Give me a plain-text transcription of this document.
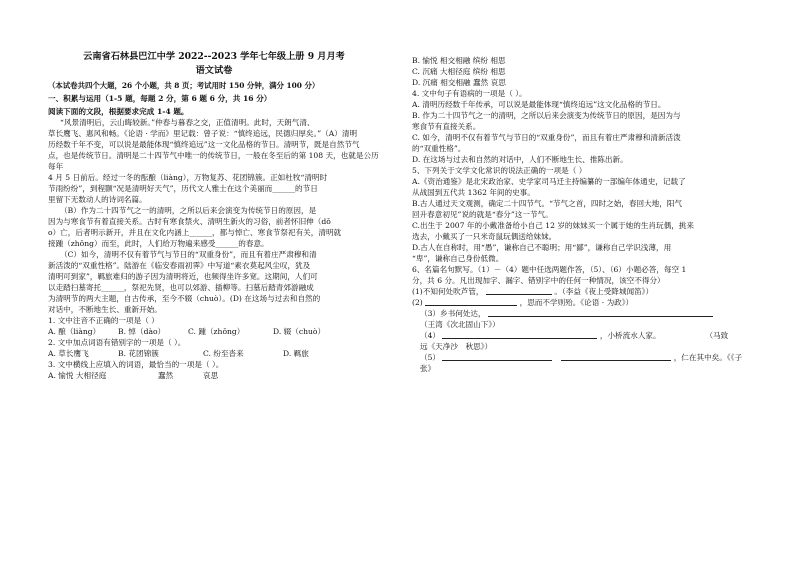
云南省石林县巴江中学 2022--2023 学年七年级上册 9 月月考

语文试卷

（本试卷共四个大题，26 个小题，共 8 页；考试用时 150 分钟，满分 100 分）

一、积累与运用（1-5 题，每题 2 分，第 6 题 6 分，共 16 分）

阅读下面的文段，根据要求完成 1-4 题。

“风景清明后，云山晦较新。”仲春与暮春之交，正值清明。此时，天朗气清、

草长鹰飞、惠风和畅。《论语 · 学而》里记载：曾子说：“慎终追远，民德归厚矣。”（A）清明

历经数千年不变，可以说是最能体现“慎终追远”这一文化品格的节日。清明节，既是自然节气

点，也是传统节日。清明是二十四节气中唯一的传统节日，一般在冬至后的第 108 天，也就是公历每年

4 月 5 日前后。经过一冬的酝酿（liàng），万物复苏、花团锦簇。正如杜牧“清明时

节雨纷纷”，到程颢“况是清明好天气”，历代文人雅士在这个美丽而______的节日

里留下无数动人的诗词名篇。

（B）作为二十四节气之一的清明，之所以后来会演变为传统节日的原因，是

因为与寒食节有着直接关系。古时有寒食禁火、清明生新火的习俗，前者怀旧伸（dǒ

o）亡，后者明示新开，并且在文化内涵上______，都与悼亡、寒食节祭祀有关，清明就

接踵（zhǒng）而至，此时，人们给万物遍来感受______的春意。

（C）如今，清明不仅有着节气与节日的“双重身份”，而且有着庄严肃穆和清

新活泼的“双重性格”。陆游在《临安春雨初霁》中写道“素衣莫起风尘叹，犹及

清明可到家”，羁旅难归的游子因为清明将近，也频得坐许多宽。这期间，人们可

以走踏扫墓寄托______，祭祀先贤，也可以郊游、插柳等。扫墓后踏青郊游融成

为清明节的两大主题，自古传承，至今不辍（chuò）。(D) 在这场与过去和自然的

对话中，不断地生长、重新开始。

1. 文中注音不正确的一项是（ ）

A. 酿（liàng）	B. 悼（dào）	C. 踵（zhǒng）	D. 辍（chuò）

2. 文中加点词语有错别字的一项是（ ）。

A. 草长鹰飞	B. 花团锦簇	C. 纷至沓来	D. 羁旅

3. 文中横线上应填入的词语，最恰当的一项是（ ）。

A. 愉悦 大相径庭	蠢然	哀思

B. 愉悦 相交相融 缤纷 相思

C. 沉痛 大相径庭 缤纷 相思

D. 沉痛 相交相融 蠢然 哀思

4. 文中句子有语病的一项是（ ）。

A. 清明历经数千年传承，可以说是最能体现“慎终追远”这文化品格的节日。

B. 作为二十四节气之一的清明，之所以后来会演变为传统节日的原因，是因为与

寒食节有直接关系。

C. 如今，清明不仅有着节气与节日的“双重身份”，而且有着庄严肃穆和清新活泼

的“双重性格”。

D. 在这场与过去和自然的对话中，人们不断地生长、推陈出新。

5、下列关于文学文化常识的说法正确的一项是（ ）

A.《资治通鉴》是北宋政治家、史学家司马迁主持编纂的一部编年体通史，记载了

从战国到五代共 1362 年间的史事。

B.古人通过天文观测，确定二十四节气。“节气之首，四时之始，春回大地，阳气

回升春意初见”说的就是“春分”这一节气。

C.出生于 2007 年的小戴准备给小自己 12 岁的妹妹买一个属于她的生肖玩偶，挑来

选去，小戴买了一只米奇鼠玩偶送给妹妹。

D.古人在自称时，用“愚”，谦称自己不聪明；用“鄙”，谦称自己学识浅薄，用

“卑”，谦称自己身份低微。

6、名篇名句默写。（1）－（4）题中任选两题作答，（5）、（6）小题必答，每空 1

分，共 6 分。凡出现加字、漏字、错别字中的任何一种情况，该空不得分）

(1)不知何处吹芦管，	。（李益《夜上受降城闻笛》）

(2)	，思而不学则殆。《论语 · 为政》）

（3）乡书何处达，

（王湾《次北固山下》）

（4）	，小桥流水人家。	（马致

远《天净沙　秋思》）

（5）	，仁在其中矣。《《子张》
